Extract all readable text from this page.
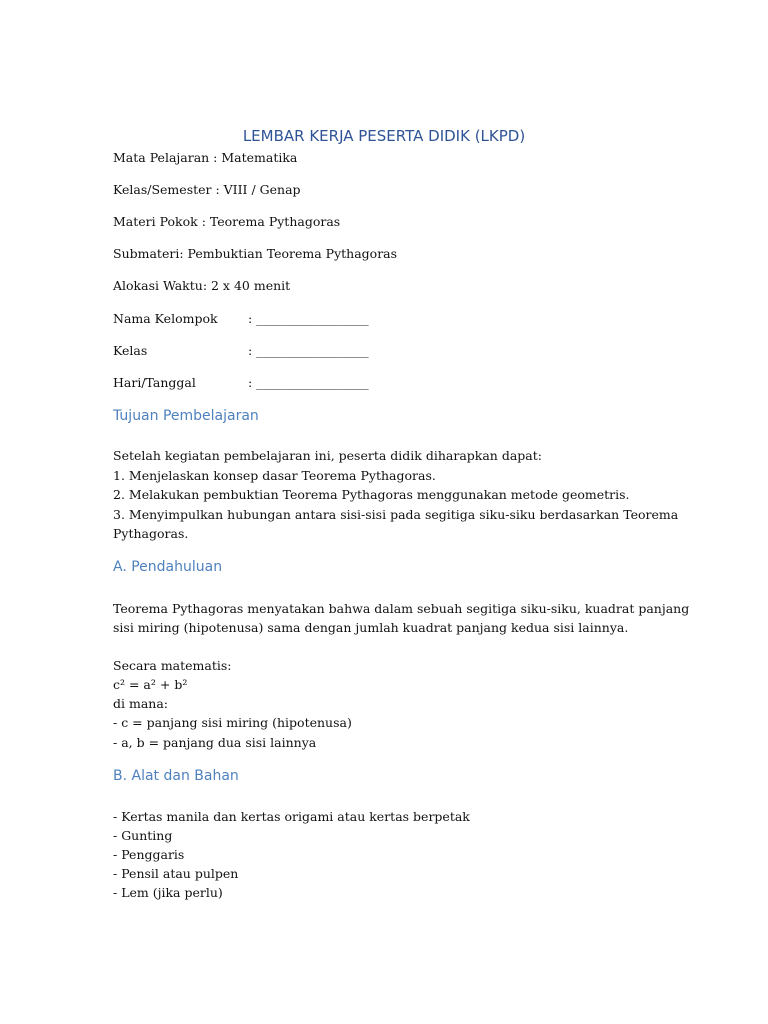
LEMBAR KERJA PESERTA DIDIK (LKPD)
Mata Pelajaran : Matematika
Kelas/Semester : VIII / Genap
Materi Pokok : Teorema Pythagoras
Submateri: Pembuktian Teorema Pythagoras
Alokasi Waktu: 2 x 40 menit
Nama Kelompok : __________________
Kelas	: __________________
Hari/Tanggal	: __________________
Tujuan Pembelajaran
Setelah kegiatan pembelajaran ini, peserta didik diharapkan dapat:
1. Menjelaskan konsep dasar Teorema Pythagoras.
2. Melakukan pembuktian Teorema Pythagoras menggunakan metode geometris.
3. Menyimpulkan hubungan antara sisi-sisi pada segitiga siku-siku berdasarkan Teorema
Pythagoras.
A. Pendahuluan
Teorema Pythagoras menyatakan bahwa dalam sebuah segitiga siku-siku, kuadrat panjang
sisi miring (hipotenusa) sama dengan jumlah kuadrat panjang kedua sisi lainnya.
Secara matematis:
c² = a² + b²
di mana:
- c = panjang sisi miring (hipotenusa)
- a, b = panjang dua sisi lainnya
B. Alat dan Bahan
- Kertas manila dan kertas origami atau kertas berpetak
- Gunting
- Penggaris
- Pensil atau pulpen
- Lem (jika perlu)
